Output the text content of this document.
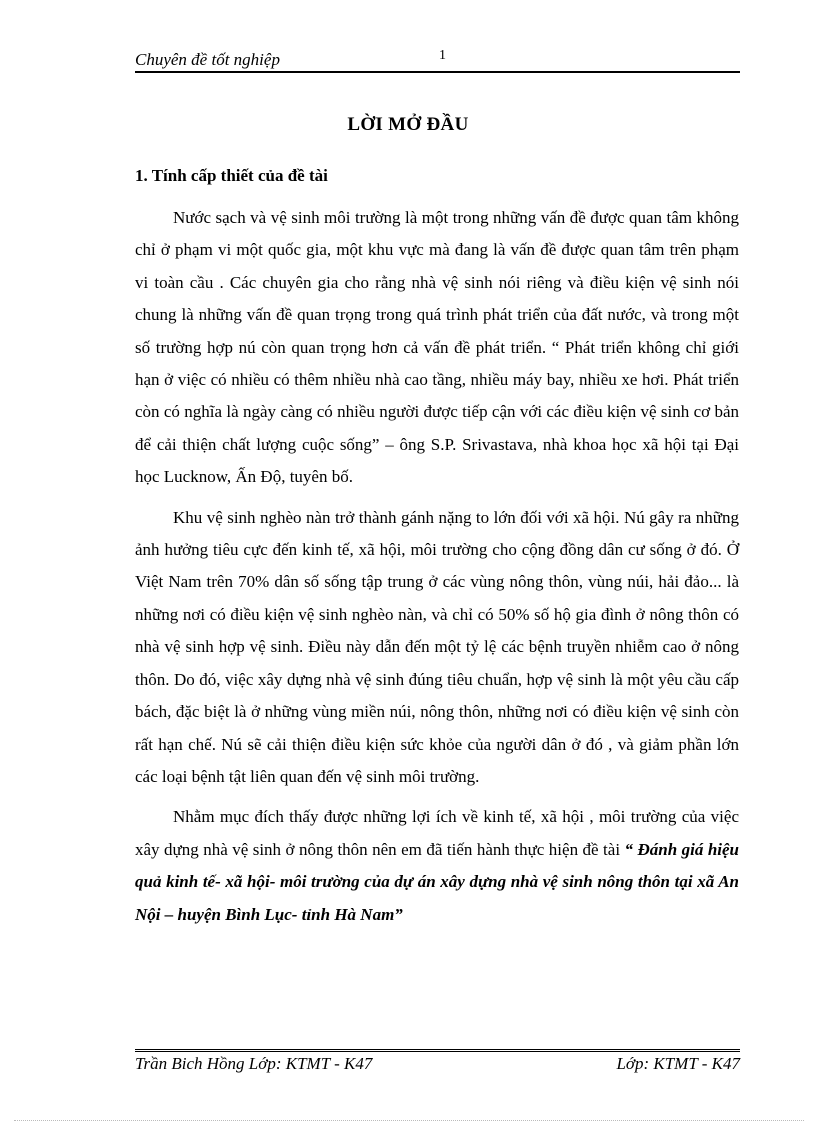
Chuyên đề tốt nghiệp	1
LỜI MỞ ĐẦU
1. Tính cấp thiết của đề tài

Nước sạch và vệ sinh môi trường là một trong những vấn đề được quan tâm không chỉ ở phạm vi một quốc gia, một khu vực mà đang là vấn đề được quan tâm trên phạm vi toàn cầu . Các chuyên gia cho rằng nhà vệ sinh nói riêng và điều kiện vệ sinh nói chung là những vấn đề quan trọng trong quá trình phát triển của đất nước, và trong một số trường hợp nú còn quan trọng hơn cả vấn đề phát triển. “ Phát triển không chỉ giới hạn ở việc có nhiều có thêm nhiều nhà cao tầng, nhiều máy bay, nhiều xe hơi. Phát triển còn có nghĩa là ngày càng có nhiều người được tiếp cận với các điều kiện vệ sinh cơ bản để cải thiện chất lượng cuộc sống” – ông S.P. Srivastava, nhà khoa học xã hội tại Đại học Lucknow, Ấn Độ, tuyên bố.

Khu vệ sinh nghèo nàn trở thành gánh nặng to lớn đối với xã hội. Nú gây ra những ảnh hưởng tiêu cực đến kinh tế, xã hội, môi trường cho cộng đồng dân cư sống ở đó. Ở Việt Nam trên 70% dân số sống tập trung ở các vùng nông thôn, vùng núi, hải đảo... là những nơi có điều kiện vệ sinh nghèo nàn, và chỉ có 50% số hộ gia đình ở nông thôn có nhà vệ sinh hợp vệ sinh. Điều này dẫn đến một tỷ lệ các bệnh truyền nhiễm cao ở nông thôn. Do đó, việc xây dựng nhà vệ sinh đúng tiêu chuẩn, hợp vệ sinh là một yêu cầu cấp bách, đặc biệt là ở những vùng miền núi, nông thôn, những nơi có điều kiện vệ sinh còn rất hạn chế. Nú sẽ cải thiện điều kiện sức khỏe của người dân ở đó , và giảm phần lớn các loại bệnh tật liên quan đến vệ sinh môi trường.

Nhằm mục đích thấy được những lợi ích về kinh tế, xã hội , môi trường của việc xây dựng nhà vệ sinh ở nông thôn nên em đã tiến hành thực hiện đề tài “ Đánh giá hiệu quả kinh tế- xã hội- môi trường của dự án xây dựng nhà vệ sinh nông thôn tại xã An Nội – huyện Bình Lục- tỉnh Hà Nam”

Trần Bich Hồng Lớp: KTMT - K47	Lớp: KTMT - K47
